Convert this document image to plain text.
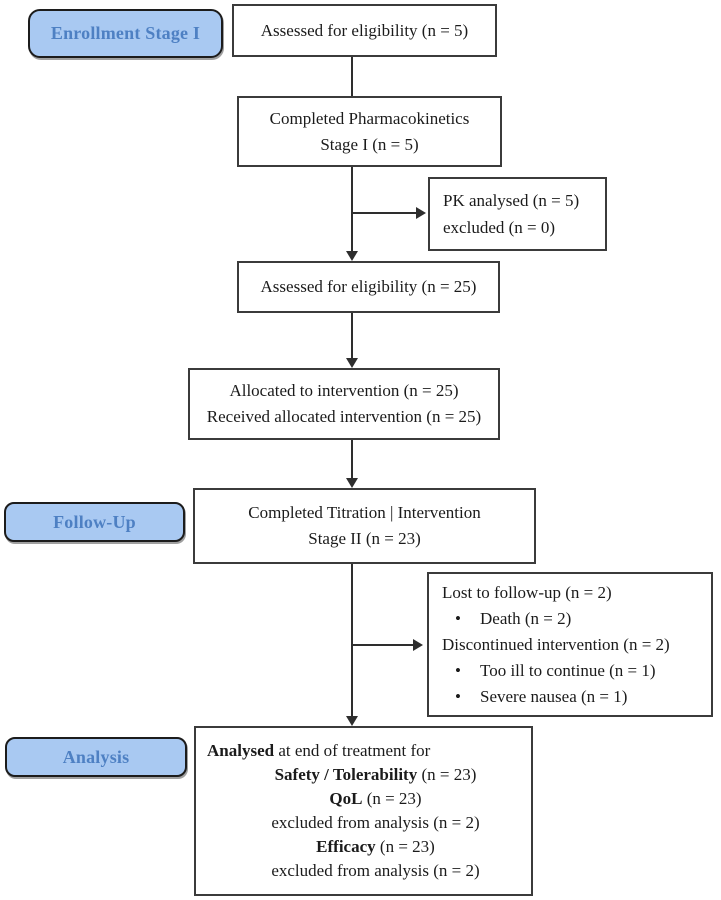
Enrollment Stage I
Follow-Up
Analysis
Assessed for eligibility (n = 5)
Completed Pharmacokinetics
Stage I (n = 5)
PK analysed (n = 5)
excluded (n = 0)
Assessed for eligibility (n = 25)
Allocated to intervention (n = 25)
Received allocated intervention (n = 25)
Completed Titration | Intervention
Stage II (n = 23)
Lost to follow-up (n = 2)
• Death (n = 2)
Discontinued intervention (n = 2)
• Too ill to continue (n = 1)
• Severe nausea (n = 1)
Analysed at end of treatment for
Safety / Tolerability (n = 23)
QoL (n = 23)
excluded from analysis (n = 2)
Efficacy (n = 23)
excluded from analysis (n = 2)
